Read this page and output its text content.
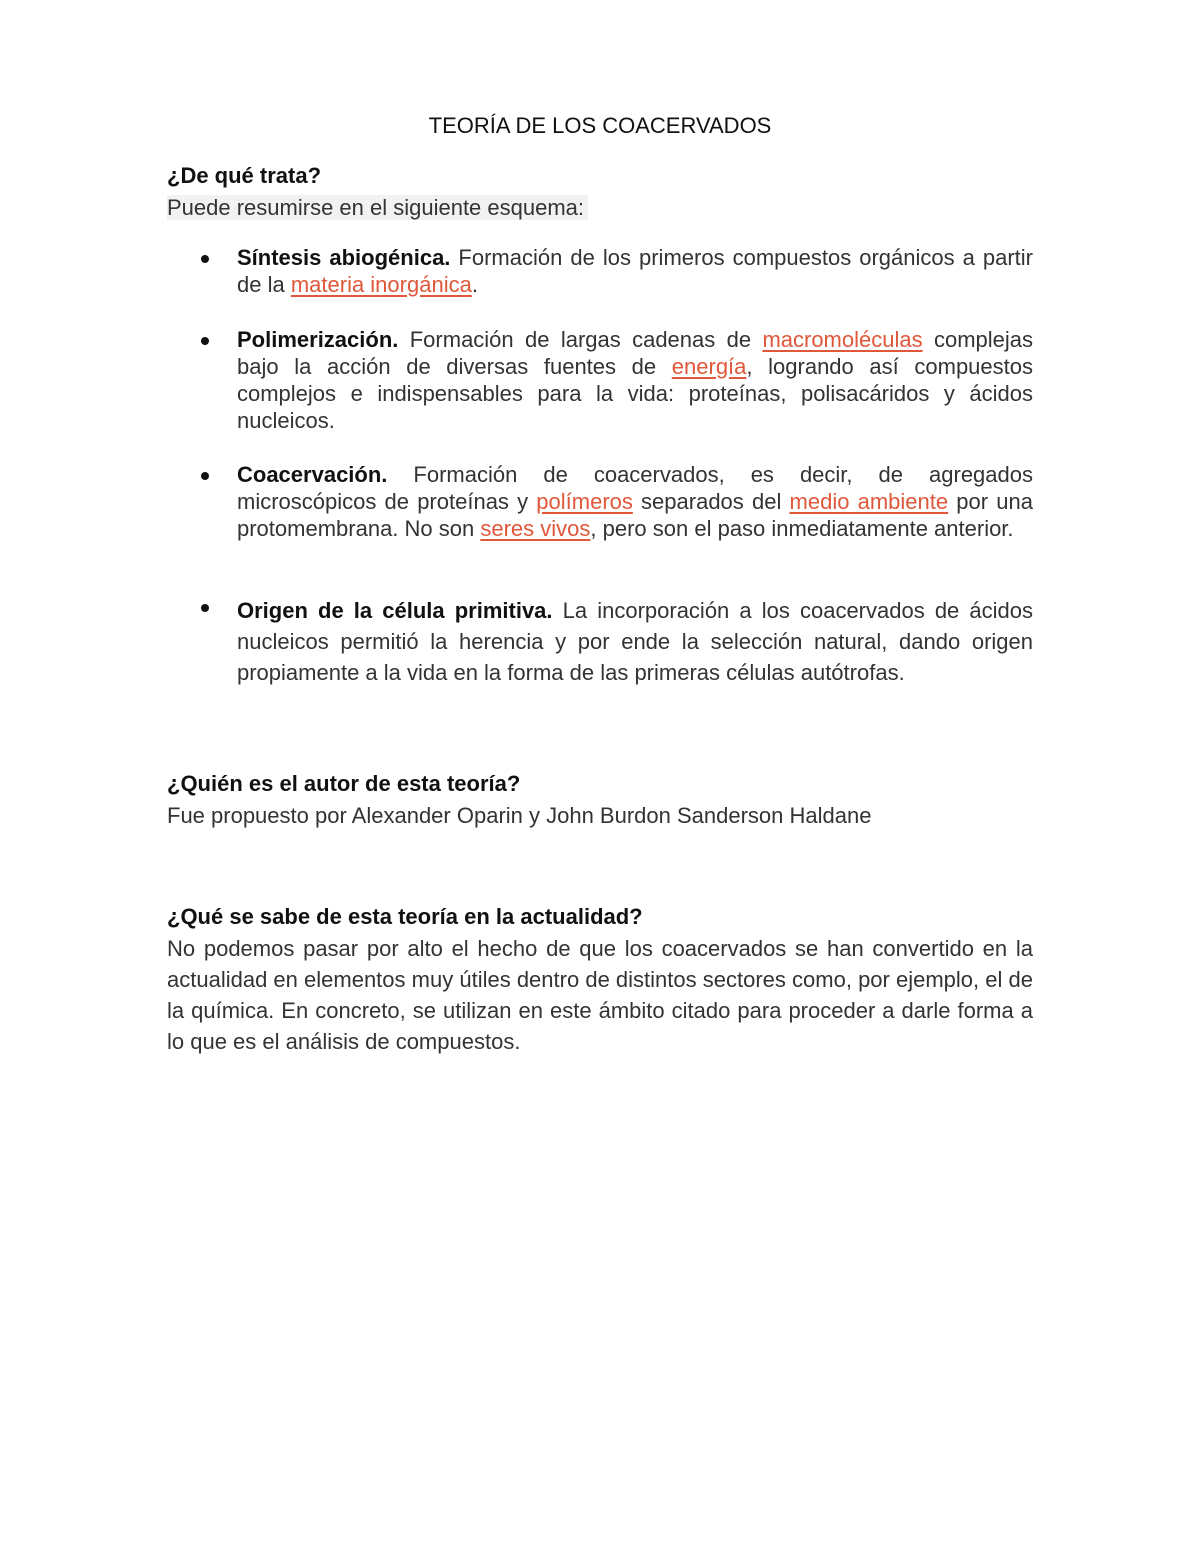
TEORÍA DE LOS COACERVADOS
¿De qué trata?
Puede resumirse en el siguiente esquema:
Síntesis abiogénica. Formación de los primeros compuestos orgánicos a partir de la materia inorgánica.
Polimerización. Formación de largas cadenas de macromoléculas complejas bajo la acción de diversas fuentes de energía, logrando así compuestos complejos e indispensables para la vida: proteínas, polisacáridos y ácidos nucleicos.
Coacervación. Formación de coacervados, es decir, de agregados microscópicos de proteínas y polímeros separados del medio ambiente por una protomembrana. No son seres vivos, pero son el paso inmediatamente anterior.
Origen de la célula primitiva. La incorporación a los coacervados de ácidos nucleicos permitió la herencia y por ende la selección natural, dando origen propiamente a la vida en la forma de las primeras células autótrofas.
¿Quién es el autor de esta teoría?
Fue propuesto por Alexander Oparin y John Burdon Sanderson Haldane
¿Qué se sabe de esta teoría en la actualidad?
No podemos pasar por alto el hecho de que los coacervados se han convertido en la actualidad en elementos muy útiles dentro de distintos sectores como, por ejemplo, el de la química. En concreto, se utilizan en este ámbito citado para proceder a darle forma a lo que es el análisis de compuestos.
